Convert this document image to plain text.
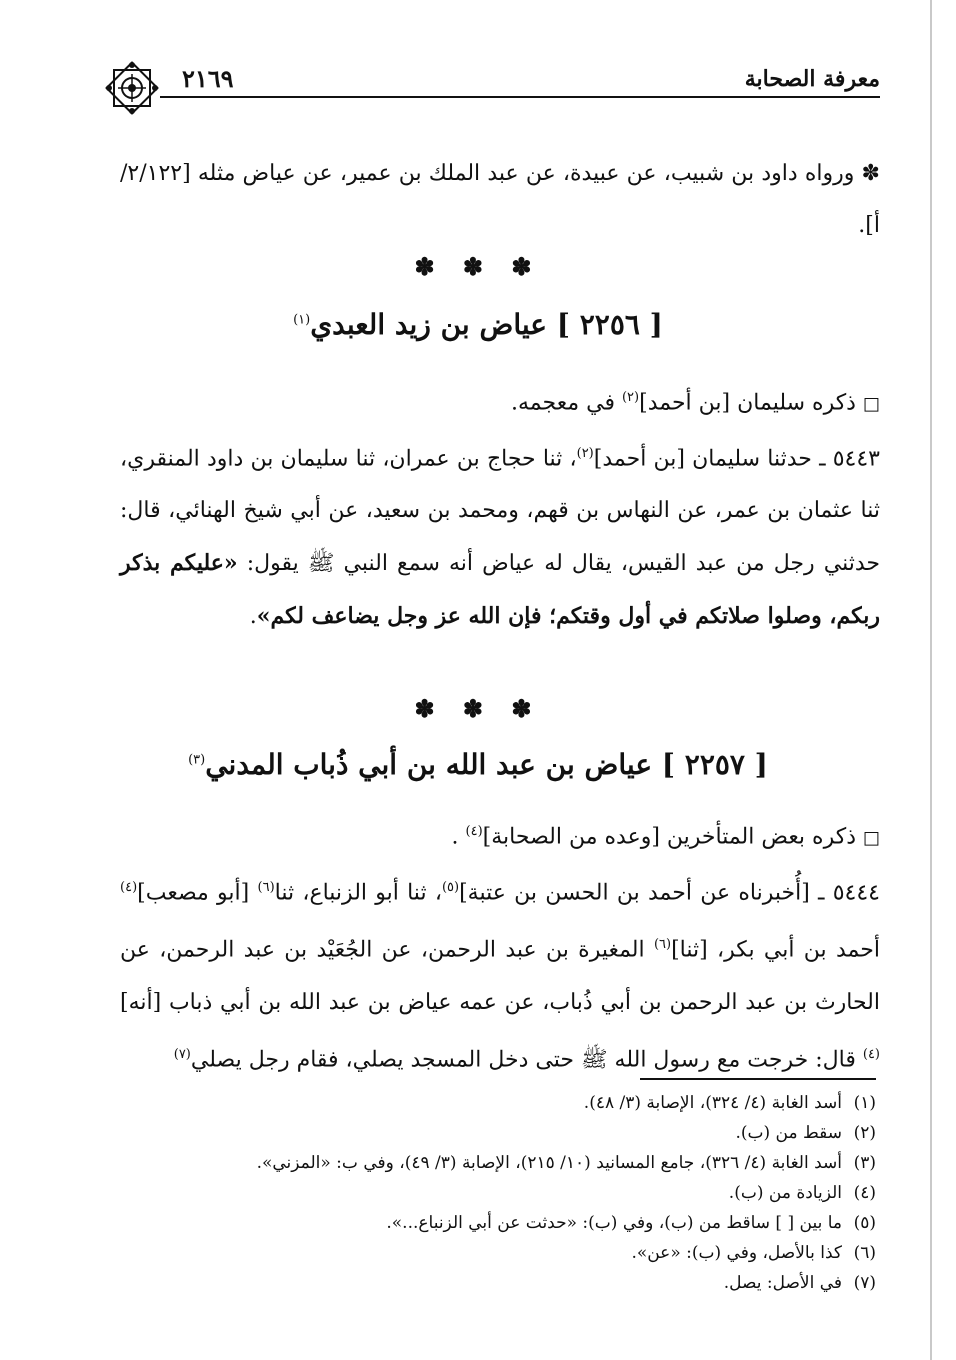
معرفة الصحابة
٢١٦٩
✽ ورواه داود بن شبيب، عن عبيدة، عن عبد الملك بن عمير، عن عياض مثله [٢/١٢٢/أ].
✽ ✽ ✽
[ ٢٢٥٦ ] عياض بن زيد العبدي$^{(١)}$
□ ذكره سليمان [بن أحمد]$^{(٢)}$ في معجمه.
٥٤٤٣ ـ حدثنا سليمان [بن أحمد]$^{(٢)}$، ثنا حجاج بن عمران، ثنا سليمان بن داود المنقري، ثنا عثمان بن عمر، عن النهاس بن قهم، ومحمد بن سعيد، عن أبي شيخ الهنائي، قال: حدثني رجل من عبد القيس، يقال له عياض أنه سمع النبي ﷺ يقول: «عليكم بذكر ربكم، وصلوا صلاتكم في أول وقتكم؛ فإن الله عز وجل يضاعف لكم».
✽ ✽ ✽
[ ٢٢٥٧ ] عياض بن عبد الله بن أبي ذُباب المدني$^{(٣)}$
□ ذكره بعض المتأخرين [وعده من الصحابة]$^{(٤)}$ .
٥٤٤٤ ـ [أُخبرناه عن أحمد بن الحسن بن عتبة]$^{(٥)}$، ثنا أبو الزنباع، ثنا$^{(٦)}$ [أبو مصعب]$^{(٤)}$ أحمد بن أبي بكر، [ثنا]$^{(٦)}$ المغيرة بن عبد الرحمن، عن الجُعَيْد بن عبد الرحمن، عن الحارث بن عبد الرحمن بن أبي ذُباب، عن عمه عياض بن عبد الله بن أبي ذباب [أنه]$^{(٤)}$ قال: خرجت مع رسول الله ﷺ حتى دخل المسجد يصلي، فقام رجل يصلي$^{(٧)}$
(١)أسد الغابة (٤/ ٣٢٤)، الإصابة (٣/ ٤٨).
(٢)سقط من (ب).
(٣)أسد الغابة (٤/ ٣٢٦)، جامع المسانيد (١٠/ ٢١٥)، الإصابة (٣/ ٤٩)، وفي ب: «المزني».
(٤)الزيادة من (ب).
(٥)ما بين [ ] ساقط من (ب)، وفي (ب): «حدثت عن أبي الزنباع...».
(٦)كذا بالأصل، وفي (ب): «عن».
(٧)في الأصل: يصل.
